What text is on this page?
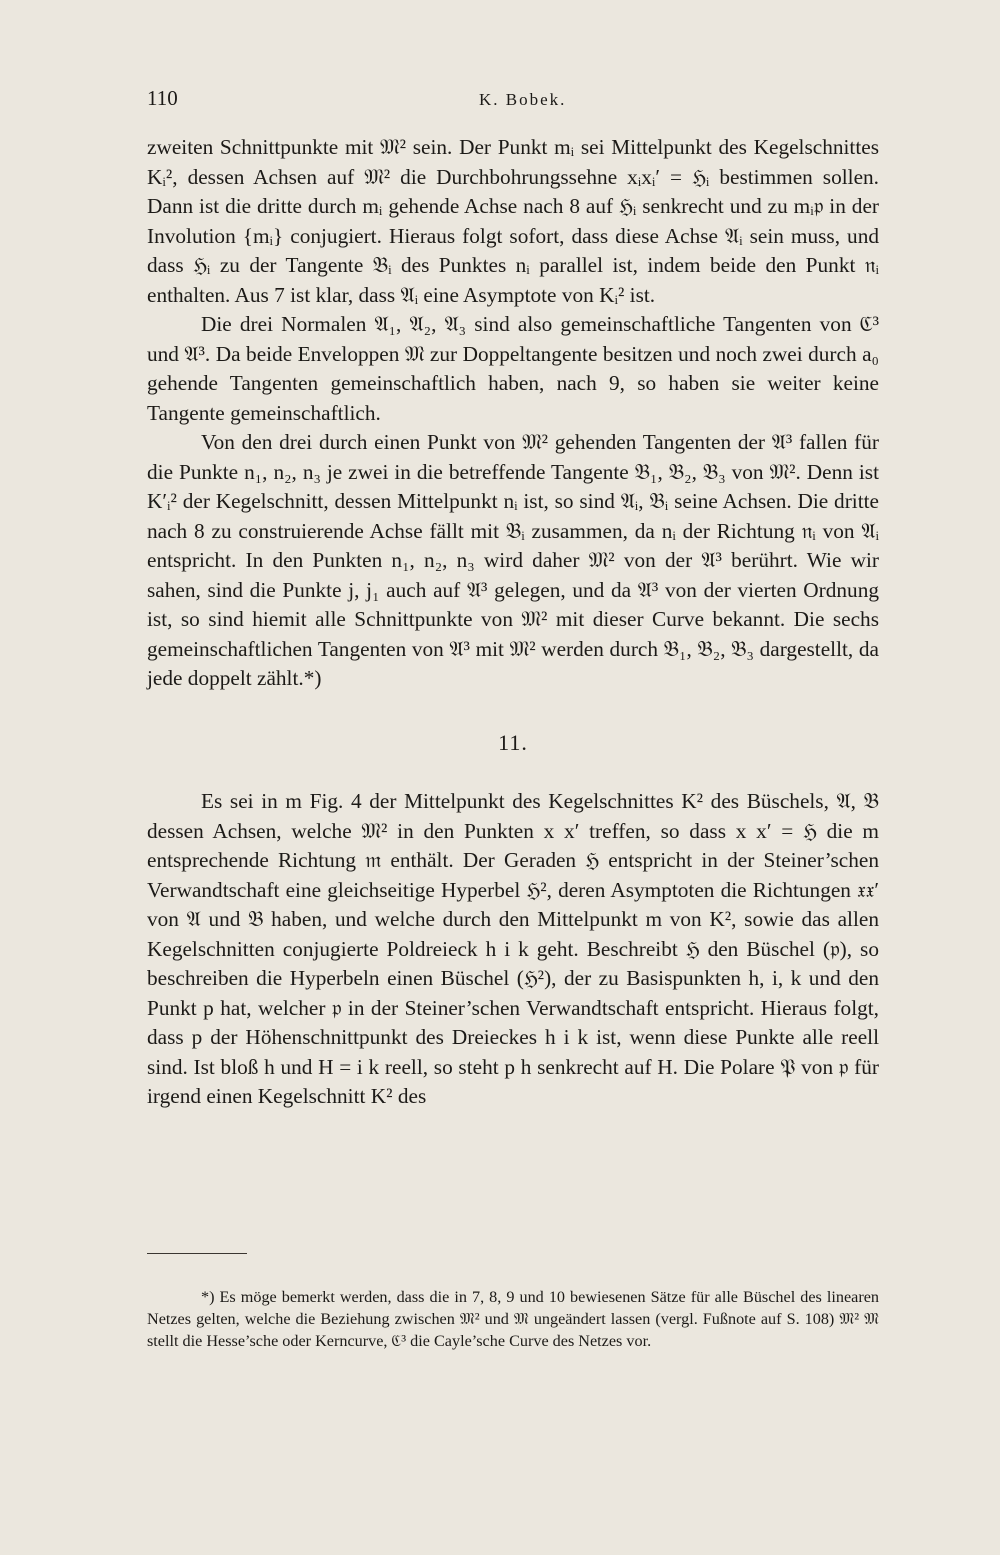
110	K. Bobek.

zweiten Schnittpunkte mit 𝔐² sein. Der Punkt mᵢ sei Mittelpunkt des Kegelschnittes Kᵢ², dessen Achsen auf 𝔐² die Durchbohrungssehne xᵢxᵢ′ = ℌᵢ bestimmen sollen. Dann ist die dritte durch mᵢ gehende Achse nach 8 auf ℌᵢ senkrecht und zu mᵢ𝔭 in der Involution {mᵢ} conjugiert. Hieraus folgt sofort, dass diese Achse 𝔄ᵢ sein muss, und dass ℌᵢ zu der Tangente 𝔅ᵢ des Punktes nᵢ parallel ist, indem beide den Punkt 𝔫ᵢ enthalten. Aus 7 ist klar, dass 𝔄ᵢ eine Asymptote von Kᵢ² ist.

Die drei Normalen 𝔄₁, 𝔄₂, 𝔄₃ sind also gemeinschaftliche Tangenten von ℭ³ und 𝔄³. Da beide Enveloppen 𝔐 zur Doppeltangente besitzen und noch zwei durch a₀ gehende Tangenten gemeinschaftlich haben, nach 9, so haben sie weiter keine Tangente gemeinschaftlich.

Von den drei durch einen Punkt von 𝔐² gehenden Tangenten der 𝔄³ fallen für die Punkte n₁, n₂, n₃ je zwei in die betreffende Tangente 𝔅₁, 𝔅₂, 𝔅₃ von 𝔐². Denn ist K′ᵢ² der Kegelschnitt, dessen Mittelpunkt nᵢ ist, so sind 𝔄ᵢ, 𝔅ᵢ seine Achsen. Die dritte nach 8 zu construierende Achse fällt mit 𝔅ᵢ zusammen, da nᵢ der Richtung 𝔫ᵢ von 𝔄ᵢ entspricht. In den Punkten n₁, n₂, n₃ wird daher 𝔐² von der 𝔄³ berührt. Wie wir sahen, sind die Punkte j, j₁ auch auf 𝔄³ gelegen, und da 𝔄³ von der vierten Ordnung ist, so sind hiemit alle Schnittpunkte von 𝔐² mit dieser Curve bekannt. Die sechs gemeinschaftlichen Tangenten von 𝔄³ mit 𝔐² werden durch 𝔅₁, 𝔅₂, 𝔅₃ dargestellt, da jede doppelt zählt.*)

11.

Es sei in m Fig. 4 der Mittelpunkt des Kegelschnittes K² des Büschels, 𝔄, 𝔅 dessen Achsen, welche 𝔐² in den Punkten x x′ treffen, so dass x x′ = ℌ die m entsprechende Richtung 𝔪 enthält. Der Geraden ℌ entspricht in der Steiner’schen Verwandtschaft eine gleichseitige Hyperbel ℌ², deren Asymptoten die Richtungen 𝔵𝔵′ von 𝔄 und 𝔅 haben, und welche durch den Mittelpunkt m von K², sowie das allen Kegelschnitten conjugierte Poldreieck h i k geht. Beschreibt ℌ den Büschel (𝔭), so beschreiben die Hyperbeln einen Büschel (ℌ²), der zu Basispunkten h, i, k und den Punkt p hat, welcher 𝔭 in der Steiner’schen Verwandtschaft entspricht. Hieraus folgt, dass p der Höhenschnittpunkt des Dreieckes h i k ist, wenn diese Punkte alle reell sind. Ist bloß h und H = i k reell, so steht p h senkrecht auf H. Die Polare 𝔓 von 𝔭 für irgend einen Kegelschnitt K² des

*) Es möge bemerkt werden, dass die in 7, 8, 9 und 10 bewiesenen Sätze für alle Büschel des linearen Netzes gelten, welche die Beziehung zwischen 𝔐² und 𝔐 ungeändert lassen (vergl. Fußnote auf S. 108) 𝔐² 𝔐 stellt die Hesse’sche oder Kerncurve, ℭ³ die Cayle’sche Curve des Netzes vor.
